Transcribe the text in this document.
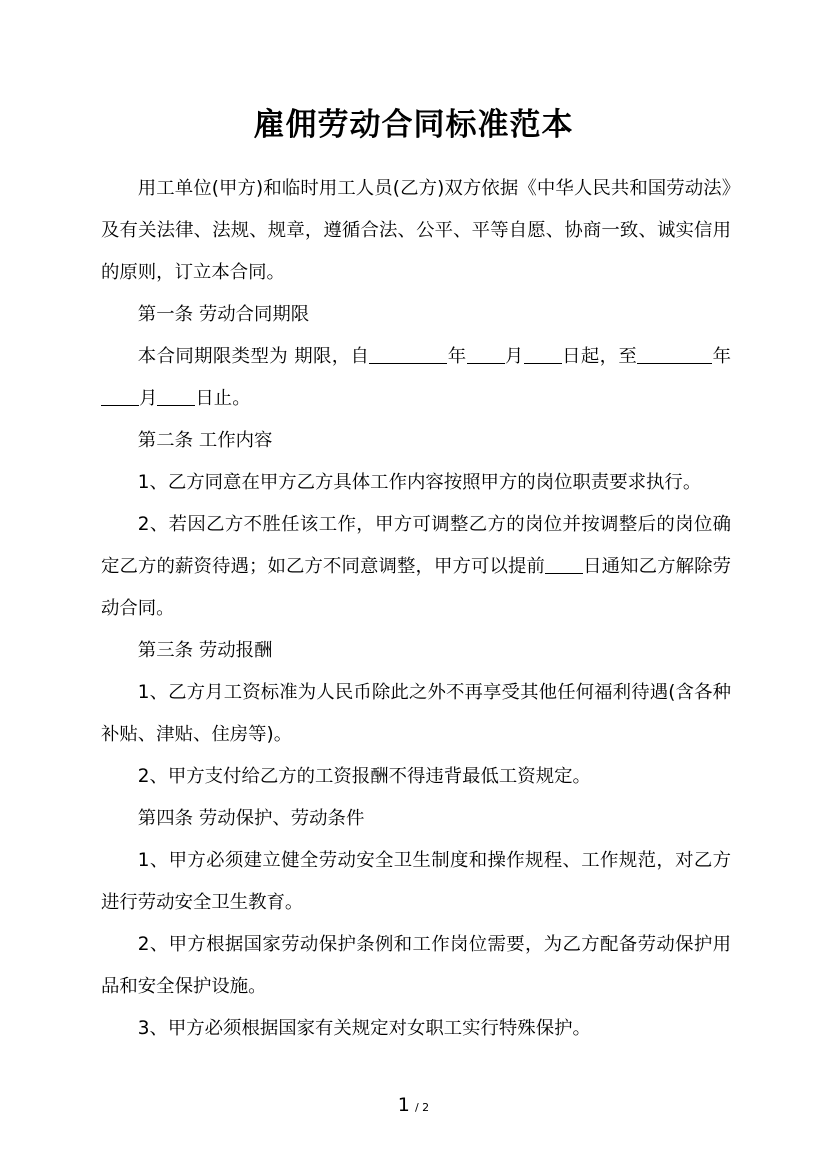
雇佣劳动合同标准范本

用工单位(甲方)和临时用工人员(乙方)双方依据《中华人民共和国劳动法》及有关法律、法规、规章，遵循合法、公平、平等自愿、协商一致、诚实信用的原则，订立本合同。

第一条 劳动合同期限

本合同期限类型为 期限，自	年 月 日起，至	年月 日止。

第二条 工作内容

1、乙方同意在甲方乙方具体工作内容按照甲方的岗位职责要求执行。

2、若因乙方不胜任该工作，甲方可调整乙方的岗位并按调整后的岗位确定乙方的薪资待遇；如乙方不同意调整，甲方可以提前 日通知乙方解除劳动合同。

第三条 劳动报酬

1、乙方月工资标准为人民币除此之外不再享受其他任何福利待遇(含各种补贴、津贴、住房等)。

2、甲方支付给乙方的工资报酬不得违背最低工资规定。

第四条 劳动保护、劳动条件

1、甲方必须建立健全劳动安全卫生制度和操作规程、工作规范，对乙方进行劳动安全卫生教育。

2、甲方根据国家劳动保护条例和工作岗位需要，为乙方配备劳动保护用品和安全保护设施。

3、甲方必须根据国家有关规定对女职工实行特殊保护。

1 / 2
